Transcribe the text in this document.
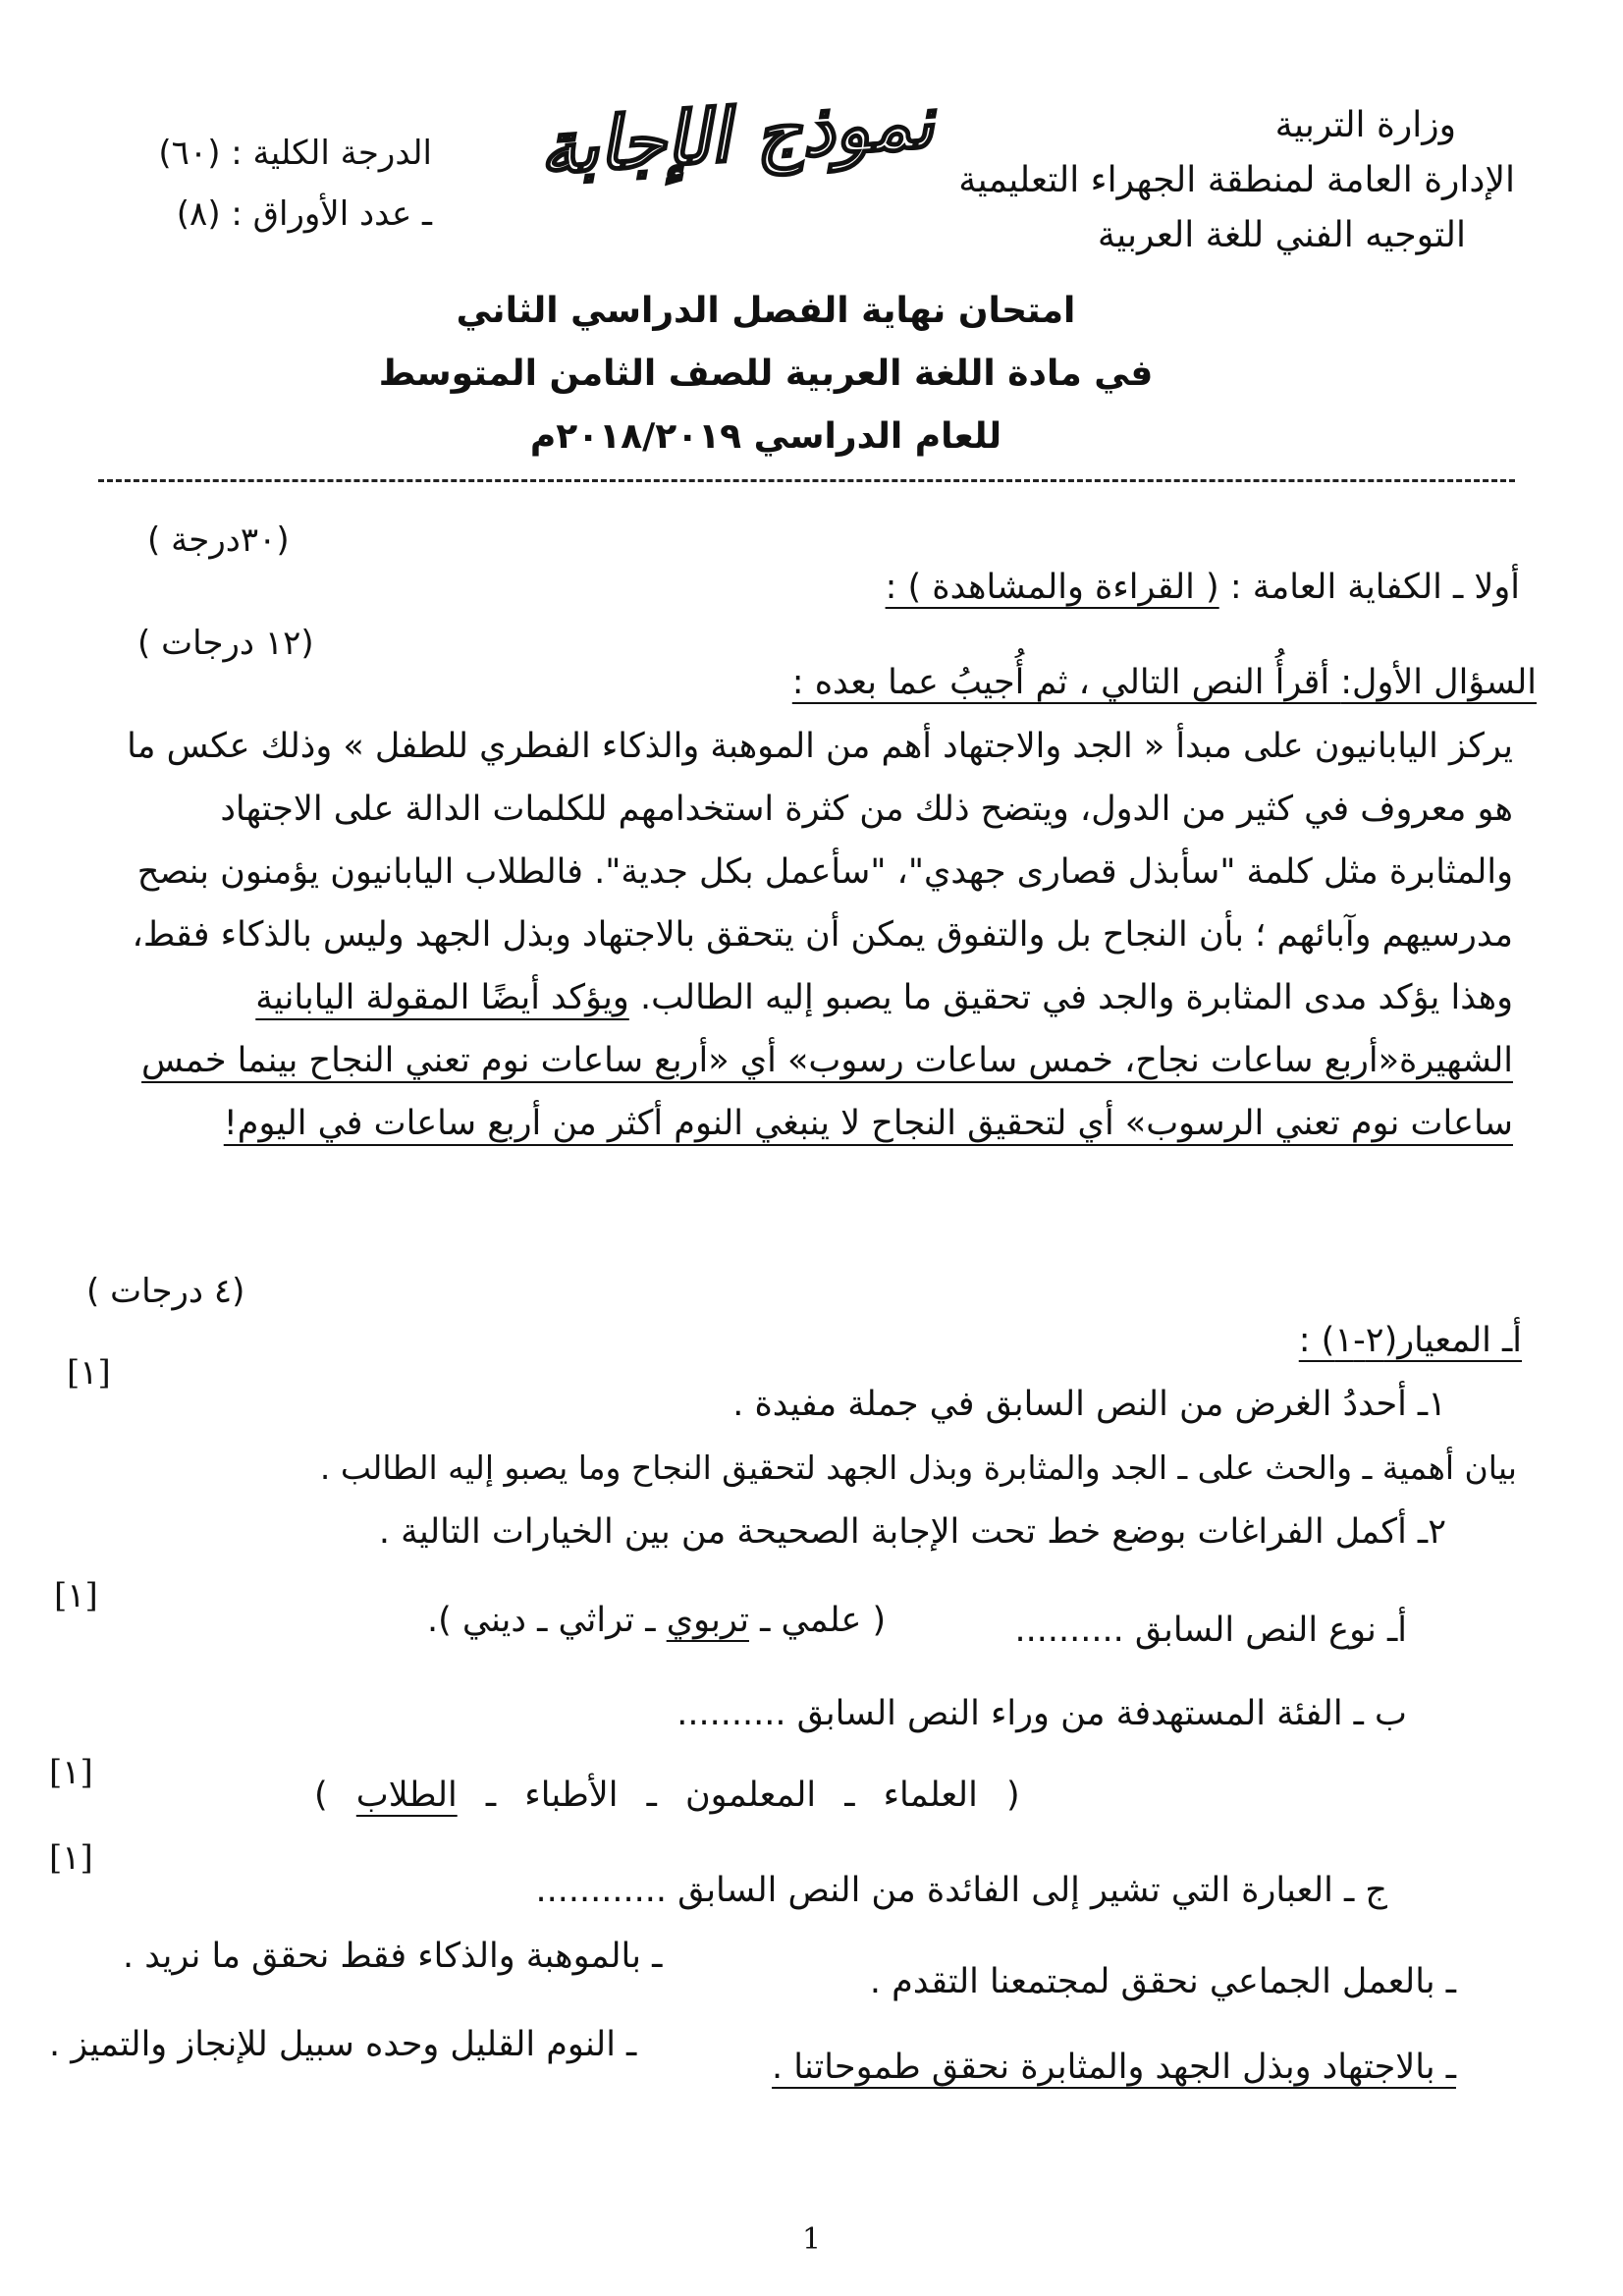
وزارة التربية
الإدارة العامة لمنطقة الجهراء التعليمية
التوجيه الفني للغة العربية
الدرجة الكلية : (٦٠)
ـ عدد الأوراق : (٨)
نموذج الإجابة
امتحان نهاية الفصل الدراسي الثاني
في مادة اللغة العربية للصف الثامن المتوسط
للعام الدراسي ٢٠١٨/٢٠١٩م
(٣٠درجة )
أولا ـ الكفاية العامة : ( القراءة والمشاهدة ) :
(١٢ درجات )
السؤال الأول: أقرأُ النص التالي ، ثم أُجيبُ عما بعده :
يركز اليابانيون على مبدأ « الجد والاجتهاد أهم من الموهبة والذكاء الفطري للطفل » وذلك عكس ما هو معروف في كثير من الدول، ويتضح ذلك من كثرة استخدامهم للكلمات الدالة على الاجتهاد والمثابرة مثل كلمة "سأبذل قصارى جهدي"، "سأعمل بكل جدية". فالطلاب اليابانيون يؤمنون بنصح مدرسيهم وآبائهم ؛ بأن النجاح بل والتفوق يمكن أن يتحقق بالاجتهاد وبذل الجهد وليس بالذكاء فقط، وهذا يؤكد مدى المثابرة والجد في تحقيق ما يصبو إليه الطالب. ويؤكد أيضًا المقولة اليابانية الشهيرة«أربع ساعات نجاح، خمس ساعات رسوب» أي «أربع ساعات نوم تعني النجاح بينما خمس ساعات نوم تعني الرسوب» أي لتحقيق النجاح لا ينبغي النوم أكثر من أربع ساعات في اليوم!
(٤ درجات )
أـ المعيار(٢-١) :
[١]
١ـ أحددُ الغرض من النص السابق في جملة مفيدة .
بيان أهمية ـ والحث على ـ الجد والمثابرة وبذل الجهد لتحقيق النجاح وما يصبو إليه الطالب .
٢ـ أكمل الفراغات بوضع خط تحت الإجابة الصحيحة من بين الخيارات التالية .
[١]
أـ نوع النص السابق ..........
( علمي ـ تربوي ـ تراثي ـ ديني ).
ب ـ الفئة المستهدفة من وراء النص السابق ..........
[١]
( العلماء ـ المعلمون ـ الأطباء ـ الطلاب )
[١]
ج ـ العبارة التي تشير إلى الفائدة من النص السابق ............
ـ بالعمل الجماعي نحقق لمجتمعنا التقدم .
ـ بالموهبة والذكاء فقط نحقق ما نريد .
ـ بالاجتهاد وبذل الجهد والمثابرة نحقق طموحاتنا .
ـ النوم القليل وحده سبيل للإنجاز والتميز .
1
